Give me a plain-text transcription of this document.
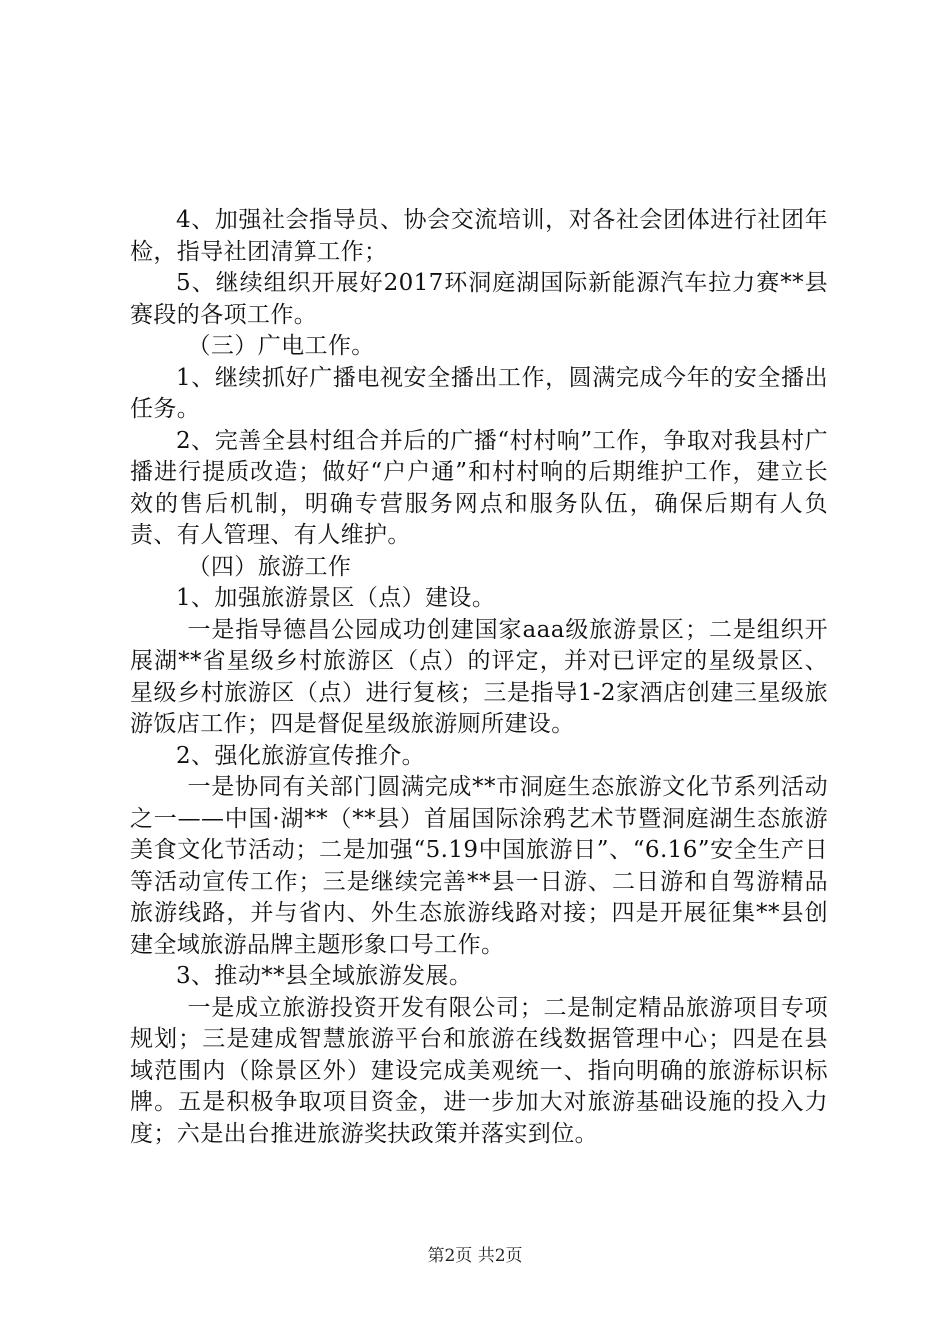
4、加强社会指导员、协会交流培训，对各社会团体进行社团年检，指导社团清算工作；

5、继续组织开展好2017环洞庭湖国际新能源汽车拉力赛**县赛段的各项工作。

（三）广电工作。

1、继续抓好广播电视安全播出工作，圆满完成今年的安全播出任务。

2、完善全县村组合并后的广播“村村响”工作，争取对我县村广播进行提质改造；做好“户户通”和村村响的后期维护工作，建立长效的售后机制，明确专营服务网点和服务队伍，确保后期有人负责、有人管理、有人维护。

（四）旅游工作

1、加强旅游景区（点）建设。

一是指导德昌公园成功创建国家aaa级旅游景区；二是组织开展湖**省星级乡村旅游区（点）的评定，并对已评定的星级景区、星级乡村旅游区（点）进行复核；三是指导1-2家酒店创建三星级旅游饭店工作；四是督促星级旅游厕所建设。

2、强化旅游宣传推介。

一是协同有关部门圆满完成**市洞庭生态旅游文化节系列活动之一——中国·湖**（**县）首届国际涂鸦艺术节暨洞庭湖生态旅游美食文化节活动；二是加强“5.19中国旅游日”、“6.16”安全生产日等活动宣传工作；三是继续完善**县一日游、二日游和自驾游精品旅游线路，并与省内、外生态旅游线路对接；四是开展征集**县创建全域旅游品牌主题形象口号工作。

3、推动**县全域旅游发展。

一是成立旅游投资开发有限公司；二是制定精品旅游项目专项规划；三是建成智慧旅游平台和旅游在线数据管理中心；四是在县域范围内（除景区外）建设完成美观统一、指向明确的旅游标识标牌。五是积极争取项目资金，进一步加大对旅游基础设施的投入力度；六是出台推进旅游奖扶政策并落实到位。

第2页 共2页
